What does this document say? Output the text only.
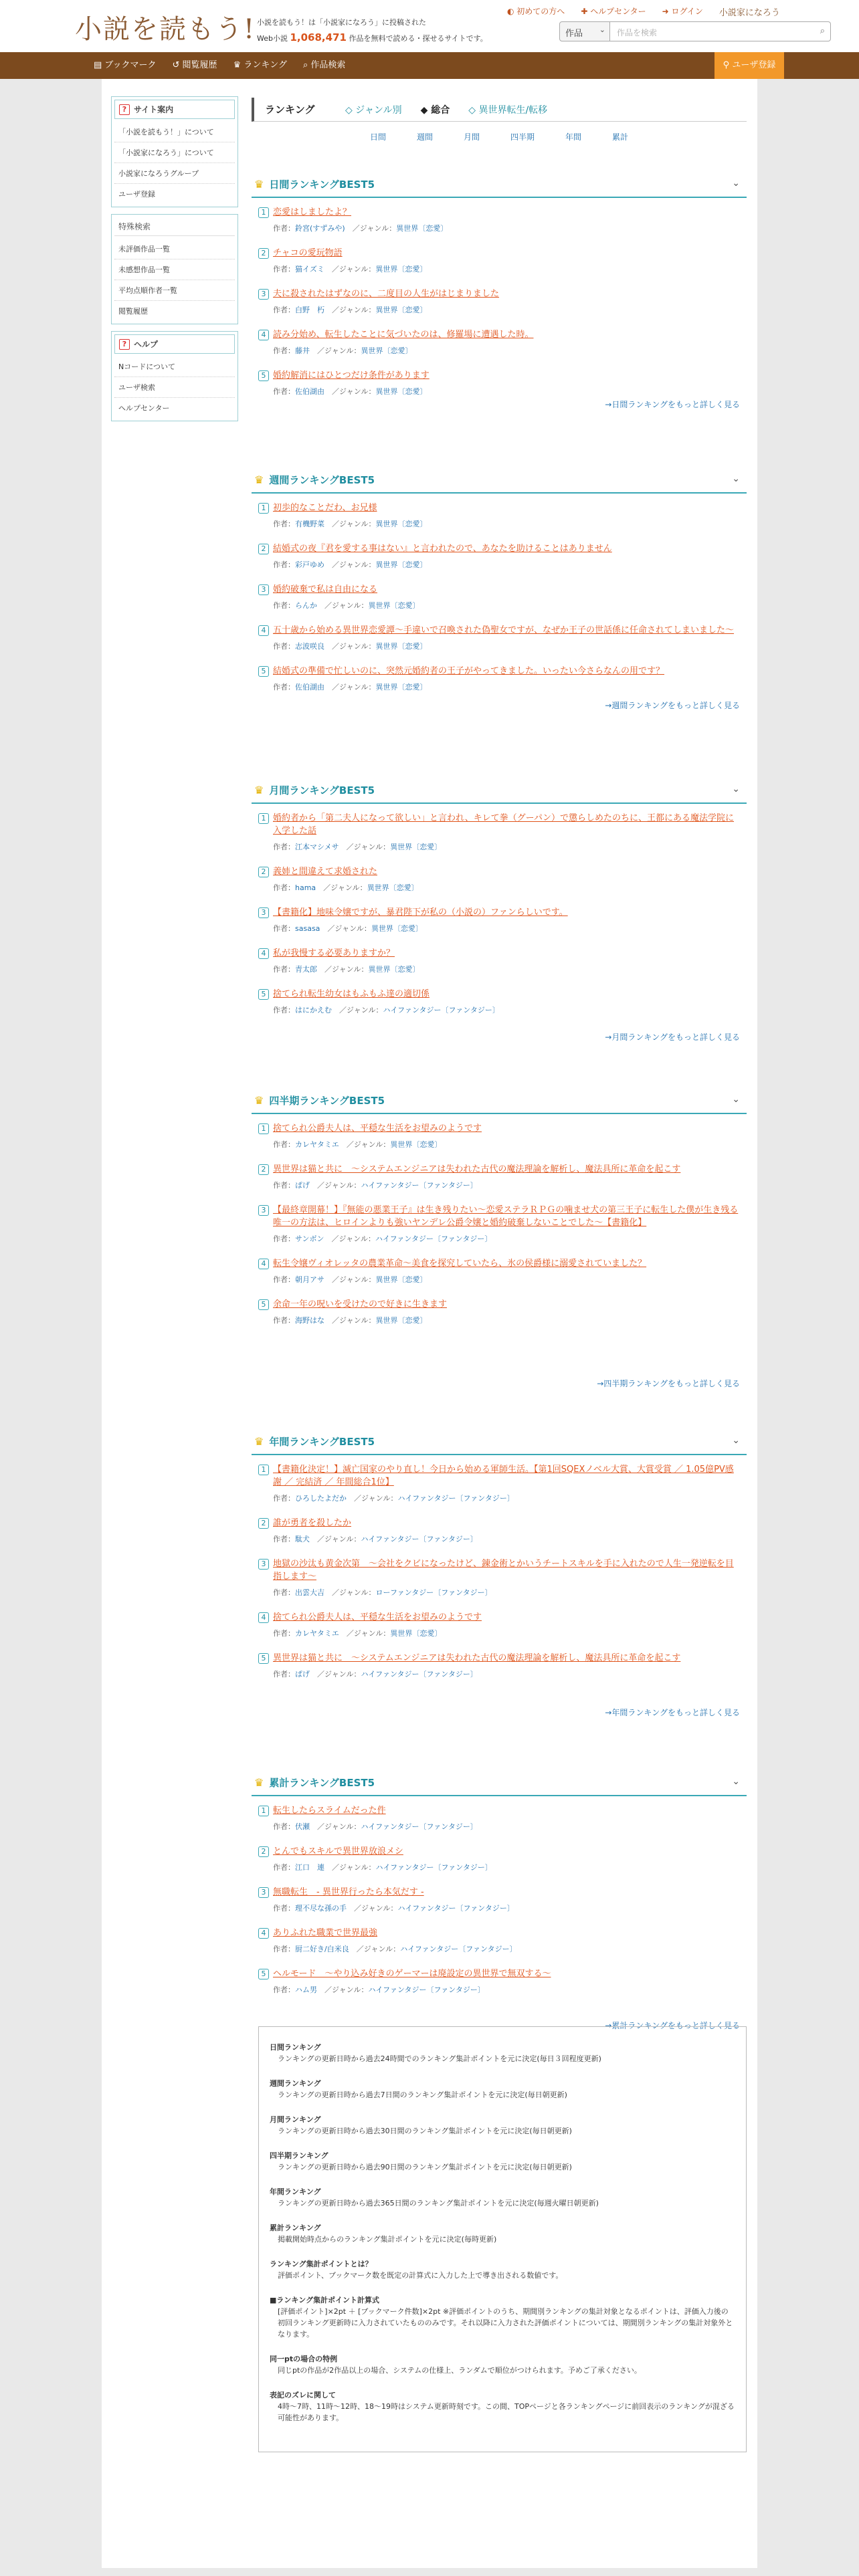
小説を読もう! 小説を読もう！は「小説家になろう」に投稿された
Web小説 1,068,471 作品を無料で読める・探せるサイトです。
◐ 初めての方へ ✚ ヘルプセンター ➜ ログイン 小説家になろう
作品 ⌄	作品を検索	⌕
▤ ブックマーク	↺ 閲覧履歴	♛ ランキング	⌕ 作品検索	⚲ ユーザ登録
? サイト案内
「小説を読もう！」について
「小説家になろう」について
小説家になろうグループ
ユーザ登録
特殊検索
未評価作品一覧
未感想作品一覧
平均点順作者一覧
閲覧履歴
? ヘルプ
Nコードについて
ユーザ検索
ヘルプセンター
ランキング	◇ ジャンル別 ◆ 総合 ◇ 異世界転生/転移
日間	週間	月間	四半期	年間	累計
♛ 日間ランキングBEST5	⌄
1 恋愛はしましたよ？
作者：鈴宮(すずみや)　／ジャンル：異世界〔恋愛〕
2 チャコの愛玩物語
作者：猫イズミ　／ジャンル：異世界〔恋愛〕
3 夫に殺されたはずなのに、二度目の人生がはじまりました
作者：白野　朽　／ジャンル：異世界〔恋愛〕
4 読み分始め、転生したことに気づいたのは、修羅場に遭遇した時。
作者：藤井　／ジャンル：異世界〔恋愛〕
5 婚約解消にはひとつだけ条件があります
作者：佐伯湖由　／ジャンル：異世界〔恋愛〕
→日間ランキングをもっと詳しく見る
♛ 週間ランキングBEST5	⌄
1 初歩的なことだわ、お兄様
作者：有機野菜　／ジャンル：異世界〔恋愛〕
2 結婚式の夜『君を愛する事はない』と言われたので、あなたを助けることはありません
作者：彩戸ゆめ　／ジャンル：異世界〔恋愛〕
3 婚約破棄で私は自由になる
作者：らんか　／ジャンル：異世界〔恋愛〕
4 五十歳から始める異世界恋愛譚～手違いで召喚された偽聖女ですが、なぜか王子の世話係に任命されてしまいました～
作者：志波咲良　／ジャンル：異世界〔恋愛〕
5 結婚式の準備で忙しいのに、突然元婚約者の王子がやってきました。いったい今さらなんの用です？
作者：佐伯湖由　／ジャンル：異世界〔恋愛〕
→週間ランキングをもっと詳しく見る
♛ 月間ランキングBEST5	⌄
1 婚約者から「第二夫人になって欲しい」と言われ、キレて拳（グーパン）で懲らしめたのちに、王都にある魔法学院に入学した話
作者：江本マシメサ　／ジャンル：異世界〔恋愛〕
2 義姉と間違えて求婚された
作者：hama　／ジャンル：異世界〔恋愛〕
3 【書籍化】地味令嬢ですが、暴君陛下が私の（小説の）ファンらしいです。
作者：sasasa　／ジャンル：異世界〔恋愛〕
4 私が我慢する必要ありますか？
作者：青太郎　／ジャンル：異世界〔恋愛〕
5 捨てられ転生幼女はもふもふ達の適切係
作者：はにかえむ　／ジャンル：ハイファンタジー〔ファンタジー〕
→月間ランキングをもっと詳しく見る
♛ 四半期ランキングBEST5	⌄
1 捨てられ公爵夫人は、平穏な生活をお望みのようです
作者：カレヤタミエ　／ジャンル：異世界〔恋愛〕
2 異世界は猫と共に　～システムエンジニアは失われた古代の魔法理論を解析し、魔法具所に革命を起こす
作者：ぱげ　／ジャンル：ハイファンタジー〔ファンタジー〕
3 【最終章開幕！】『無能の悪業王子』は生き残りたい～恋愛ステラＲＰＧの噛ませ犬の第三王子に転生した僕が生き残る唯一の方法は、ヒロインよりも強いヤンデレ公爵令嬢と婚約破棄しないことでした～【書籍化】
作者：サンボン　／ジャンル：ハイファンタジー〔ファンタジー〕
4 転生令嬢ヴィオレッタの農業革命～美食を探究していたら、氷の侯爵様に溺愛されていました？
作者：朝月アサ　／ジャンル：異世界〔恋愛〕
5 余命一年の呪いを受けたので好きに生きます
作者：海野はな　／ジャンル：異世界〔恋愛〕
→四半期ランキングをもっと詳しく見る
♛ 年間ランキングBEST5	⌄
1 【書籍化決定！】滅亡国家のやり直し！今日から始める軍師生活。【第1回SQEXノベル大賞、大賞受賞 ／ 1.05億PV感謝 ／ 完結済 ／ 年間総合1位】
作者：ひろしたよだか　／ジャンル：ハイファンタジー〔ファンタジー〕
2 誰が勇者を殺したか
作者：駄犬　／ジャンル：ハイファンタジー〔ファンタジー〕
3 地獄の沙汰も黄金次第　～会社をクビになったけど、錬金術とかいうチートスキルを手に入れたので人生一発逆転を目指します～
作者：出雲大吉　／ジャンル：ローファンタジー〔ファンタジー〕
4 捨てられ公爵夫人は、平穏な生活をお望みのようです
作者：カレヤタミエ　／ジャンル：異世界〔恋愛〕
5 異世界は猫と共に　～システムエンジニアは失われた古代の魔法理論を解析し、魔法具所に革命を起こす
作者：ぱげ　／ジャンル：ハイファンタジー〔ファンタジー〕
→年間ランキングをもっと詳しく見る
♛ 累計ランキングBEST5	⌄
1 転生したらスライムだった件
作者：伏瀬　／ジャンル：ハイファンタジー〔ファンタジー〕
2 とんでもスキルで異世界放浪メシ
作者：江口　連　／ジャンル：ハイファンタジー〔ファンタジー〕
3 無職転生　- 異世界行ったら本気だす -
作者：理不尽な孫の手　／ジャンル：ハイファンタジー〔ファンタジー〕
4 ありふれた職業で世界最強
作者：厨二好き/白米良　／ジャンル：ハイファンタジー〔ファンタジー〕
5 ヘルモード　～やり込み好きのゲーマーは廃設定の異世界で無双する～
作者：ハム男　／ジャンル：ハイファンタジー〔ファンタジー〕
→累計ランキングをもっと詳しく見る
日間ランキング
ランキングの更新日時から過去24時間でのランキング集計ポイントを元に決定(毎日３回程度更新)
週間ランキング
ランキングの更新日時から過去7日間のランキング集計ポイントを元に決定(毎日朝更新)
月間ランキング
ランキングの更新日時から過去30日間のランキング集計ポイントを元に決定(毎日朝更新)
四半期ランキング
ランキングの更新日時から過去90日間のランキング集計ポイントを元に決定(毎日朝更新)
年間ランキング
ランキングの更新日時から過去365日間のランキング集計ポイントを元に決定(毎週火曜日朝更新)
累計ランキング
掲載開始時点からのランキング集計ポイントを元に決定(毎時更新)
ランキング集計ポイントとは？
評価ポイント、ブックマーク数を既定の計算式に入力した上で導き出される数値です。
■ランキング集計ポイント計算式
[評価ポイント]×2pt ＋ [ブックマーク件数]×2pt ※評価ポイントのうち、期間別ランキングの集計対象となるポイントは、評価入力後の初回ランキング更新時に入力されていたもののみです。それ以降に入力された評価ポイントについては、期間別ランキングの集計対象外となります。
同一ptの場合の特例
同じptの作品が2作品以上の場合、システムの仕様上、ランダムで順位がつけられます。予めご了承ください。
表記のズレに関して
4時〜7時、11時〜12時、18〜19時はシステム更新時刻です。この間、TOPページと各ランキングページに前回表示のランキングが混ざる可能性があります。
